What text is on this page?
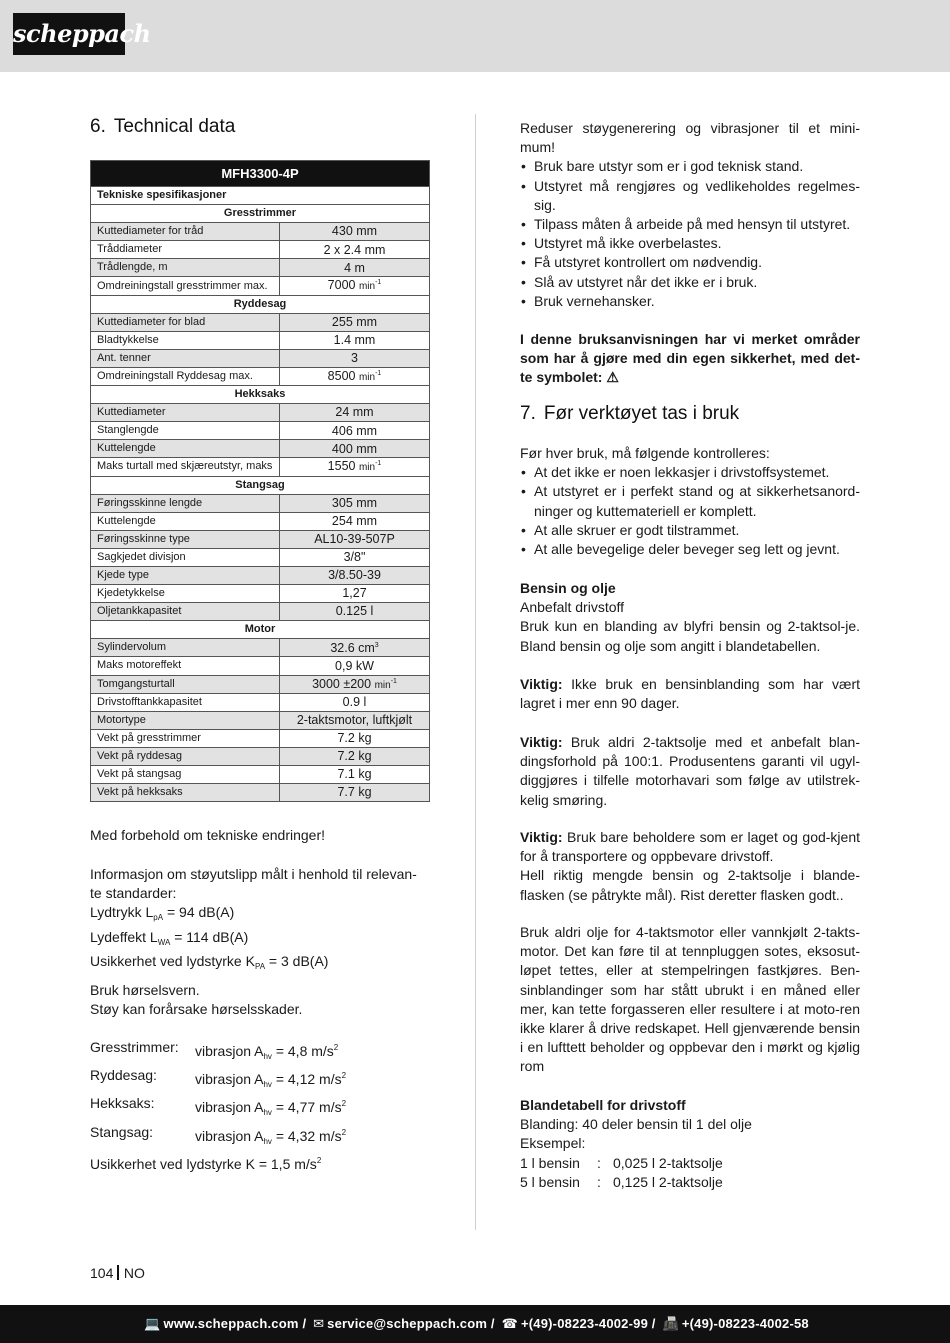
scheppach
6. Technical data
MFH3300-4P	
Tekniske spesifikasjoner	
Gresstrimmer	
Kuttediameter for tråd	430 mm
Tråddiameter	2 x 2.4 mm
Trådlengde, m	4 m
Omdreiningstall gresstrimmer max.	7000 $\min^{-1}$
Ryddesag	
Kuttediameter for blad	255 mm
Bladtykkelse	1.4 mm
Ant. tenner	3
Omdreiningstall Ryddesag max.	8500 $\min^{-1}$
Hekksaks	
Kuttediameter	24 mm
Stanglengde	406 mm
Kuttelengde	400 mm
Maks turtall med skjæreutstyr, maks	1550 $\min^{-1}$
Stangsag	
Føringsskinne lengde	305 mm
Kuttelengde	254 mm
Føringsskinne type	AL10-39-507P
Sagkjedet divisjon	3/8"
Kjede type	3/8.50-39
Kjedetykkelse	1,27
Oljetankkapasitet	0.125 l
Motor	
Sylindervolum	32.6 $cm^3$
Maks motoreffekt	0,9 kW
Tomgangsturtall	3000 ±200 $\min^{-1}$
Drivstofftankkapasitet	0.9 l
Motortype	2-taktsmotor, luftkjølt
Vekt på gresstrimmer	7.2 kg
Vekt på ryddesag	7.2 kg
Vekt på stangsag	7.1 kg
Vekt på hekksaks	7.7 kg
Med forbehold om tekniske endringer!
Informasjon om støyutslipp målt i henhold til relevan-
te standarder:
Lydtrykk $L_{pA} = 94$ dB(A)
Lydeffekt $L_{WA} = 114$ dB(A)
Usikkerhet ved lydstyrke $K_{PA} = 3$ dB(A)
Bruk hørselsvern.
Støy kan forårsake hørselsskader.
Gresstrimmer:	vibrasjon $A_{hv} = 4,8$ $m/s^2$
Ryddesag:	vibrasjon $A_{hv} = 4,12$ $m/s^2$
Hekksaks:	vibrasjon $A_{hv} = 4,77$ $m/s^2$
Stangsag:	vibrasjon $A_{hv} = 4,32$ $m/s^2$
Usikkerhet ved lydstyrke K = 1,5 $m/s^2$
Reduser støygenerering og vibrasjoner til et mini-mum!
• Bruk bare utstyr som er i god teknisk stand.
• Utstyret må rengjøres og vedlikeholdes regelmes-sig.
• Tilpass måten å arbeide på med hensyn til utstyret.
• Utstyret må ikke overbelastes.
• Få utstyret kontrollert om nødvendig.
• Slå av utstyret når det ikke er i bruk.
• Bruk vernehansker.
I denne bruksanvisningen har vi merket områder som har å gjøre med din egen sikkerhet, med det-te symbolet: ⚠
7. Før verktøyet tas i bruk
Før hver bruk, må følgende kontrolleres:
• At det ikke er noen lekkasjer i drivstoffsystemet.
• At utstyret er i perfekt stand og at sikkerhetsanord-ninger og kuttemateriell er komplett.
• At alle skruer er godt tilstrammet.
• At alle bevegelige deler beveger seg lett og jevnt.
Bensin og olje
Anbefalt drivstoff
Bruk kun en blanding av blyfri bensin og 2-taktsol-je. Bland bensin og olje som angitt i blandetabellen.
Viktig: Ikke bruk en bensinblanding som har vært lagret i mer enn 90 dager.
Viktig: Bruk aldri 2-taktsolje med et anbefalt blan-dingsforhold på 100:1. Produsentens garanti vil ugyl-diggjøres i tilfelle motorhavari som følge av utilstrek-kelig smøring.
Viktig: Bruk bare beholdere som er laget og god-kjent for å transportere og oppbevare drivstoff.
Hell riktig mengde bensin og 2-taktsolje i blande-flasken (se påtrykte mål). Rist deretter flasken godt..
Bruk aldri olje for 4-taktsmotor eller vannkjølt 2-takts-motor. Det kan føre til at tennpluggen sotes, eksosut-løpet tettes, eller at stempelringen fastkjøres. Ben-sinblandinger som har stått ubrukt i en måned eller mer, kan tette forgasseren eller resultere i at moto-ren ikke klarer å drive redskapet. Hell gjenværende bensin i en lufttett beholder og oppbevar den i mørkt og kjølig rom
Blandetabell for drivstoff
Blanding: 40 deler bensin til 1 del olje
Eksempel:
1 l bensin	: 0,025 l 2-taktsolje
5 l bensin	: 0,125 l 2-taktsolje
104 NO
💻 www.scheppach.com / ✉ service@scheppach.com / ☎ +(49)-08223-4002-99 / 📠 +(49)-08223-4002-58
